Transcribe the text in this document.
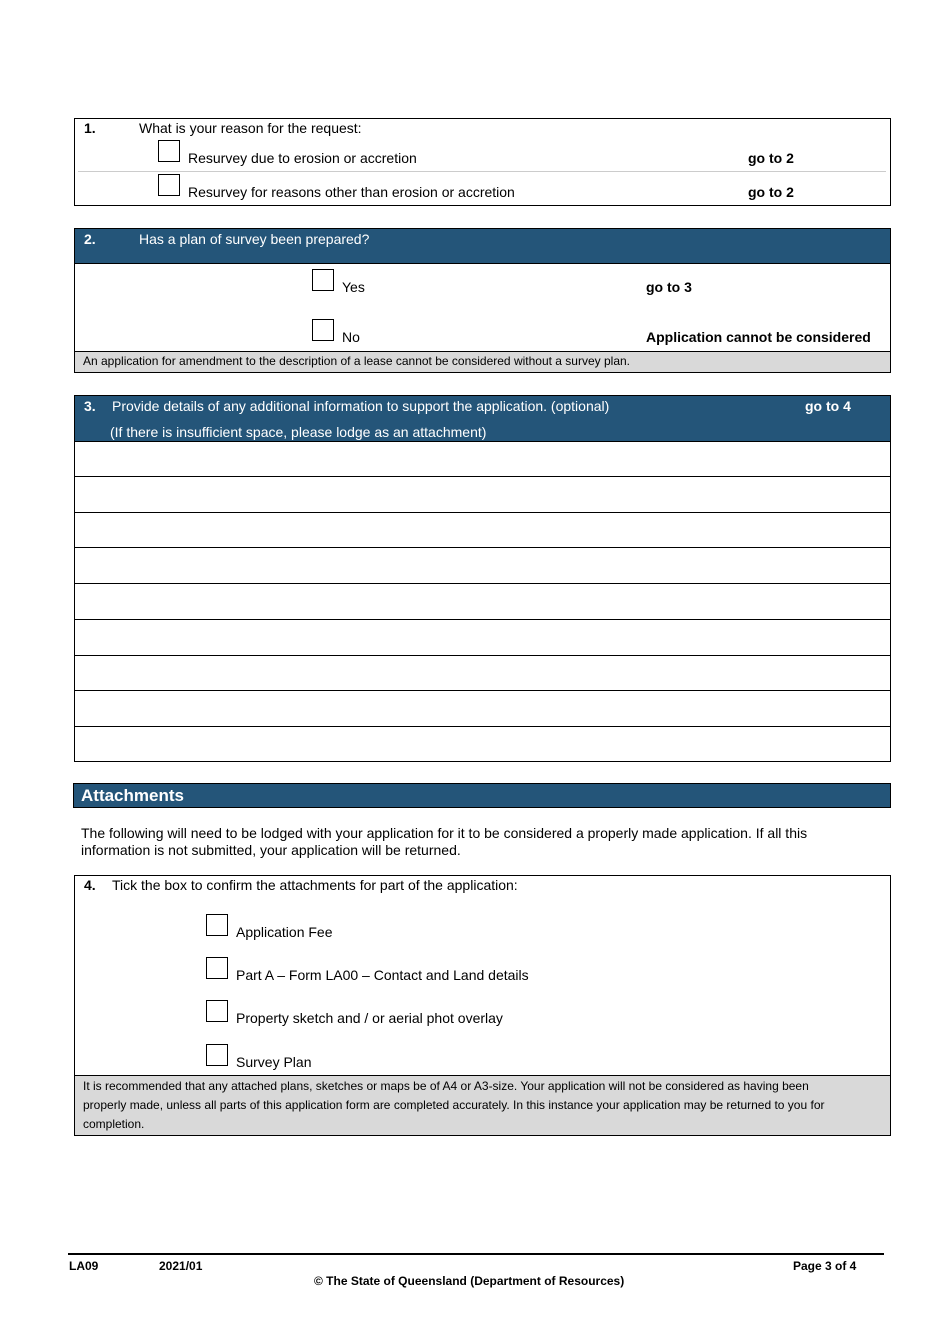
1.	What is your reason for the request:
Resurvey due to erosion or accretion	go to 2
Resurvey for reasons other than erosion or accretion	go to 2
2.	Has a plan of survey been prepared?
Yes	go to 3
No	Application cannot be considered
An application for amendment to the description of a lease cannot be considered without a survey plan.
3. Provide details of any additional information to support the application. (optional)	go to 4
(If there is insufficient space, please lodge as an attachment)
Attachments
The following will need to be lodged with your application for it to be considered a properly made application. If all this
information is not submitted, your application will be returned.
4. Tick the box to confirm the attachments for part of the application:
Application Fee
Part A – Form LA00 – Contact and Land details
Property sketch and / or aerial phot overlay
Survey Plan
It is recommended that any attached plans, sketches or maps be of A4 or A3-size. Your application will not be considered as having been
properly made, unless all parts of this application form are completed accurately. In this instance your application may be returned to you for
completion.
LA09	2021/01	Page 3 of 4
© The State of Queensland (Department of Resources)
